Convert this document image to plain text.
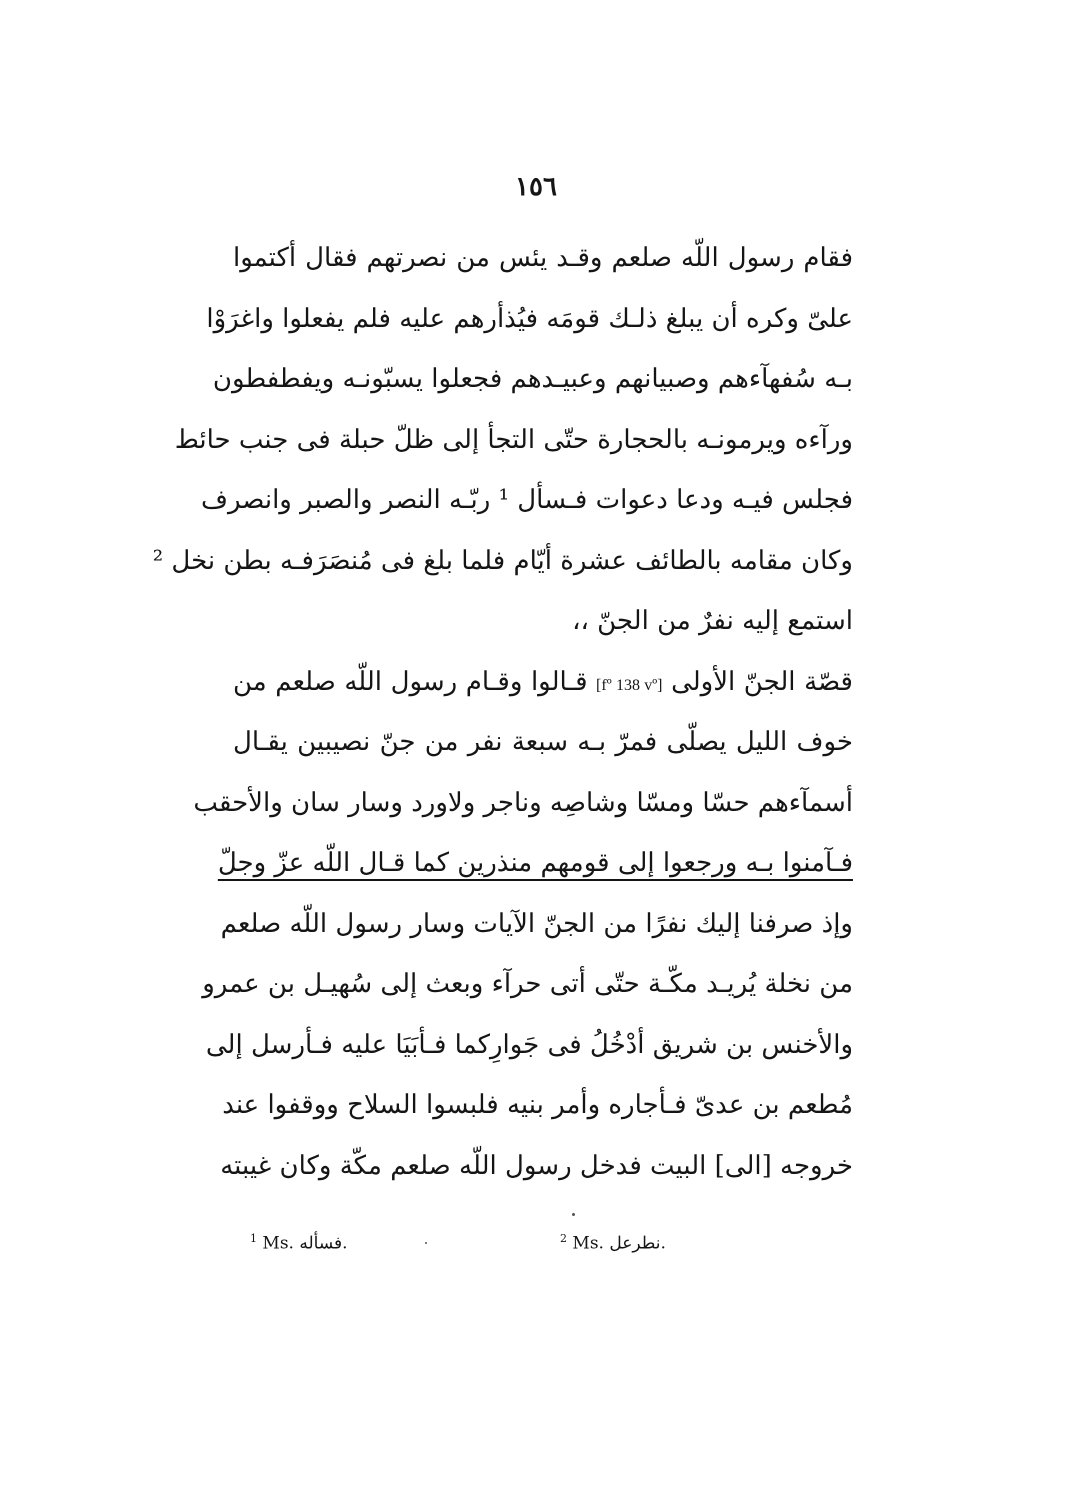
١٥٦
فقام رسول اللّه صلعم وقـد يئس من نصرتهم فقال أكتموا
علىّ وكره أن يبلغ ذلـك قومَه فيُذأرهم عليه فلم يفعلوا واغرَوْا
بـه سُفهآءهم وصبيانهم وعبيـدهم فجعلوا يسبّونـه ويفطفطون
ورآءه ويرمونـه بالحجارة حتّى التجأ إلى ظلّ حبلة فى جنب حائط
فجلس فيـه ودعا دعوات فـسأل ¹ ربّـه النصر والصبر وانصرف
وكان مقامه بالطائف عشرة أيّام فلما بلغ فى مُنصَرَفـه بطن نخل ²
استمع إليه نفرٌ من الجنّ ،،
قصّة الجنّ الأولى [fº 138 vº] قـالوا وقـام رسول اللّه صلعم من
خوف الليل يصلّى فمرّ بـه سبعة نفر من جنّ نصيبين يقـال
أسمآءهم حسّا ومسّا وشاصِه وناجر ولاورد وسار سان والأحقب
فـآمنوا بـه ورجعوا إلى قومهم منذرين كما قـال اللّه عزّ وجلّ
وإذ صرفنا إليك نفرًا من الجنّ الآيات وسار رسول اللّه صلعم
من نخلة يُريـد مكّـة حتّى أتى حرآء وبعث إلى سُهيـل بن عمرو
والأخنس بن شريق أدْخُلُ فى جَوارِكما فـأبَيَا عليه فـأرسل إلى
مُطعم بن عدىّ فـأجاره وأمر بنيه فلبسوا السلاح ووقفوا عند
خروجه [الى] البيت فدخل رسول اللّه صلعم مكّة وكان غيبته
$^1$ Ms. فسأله.	$^2$ Ms. نطرعل.
